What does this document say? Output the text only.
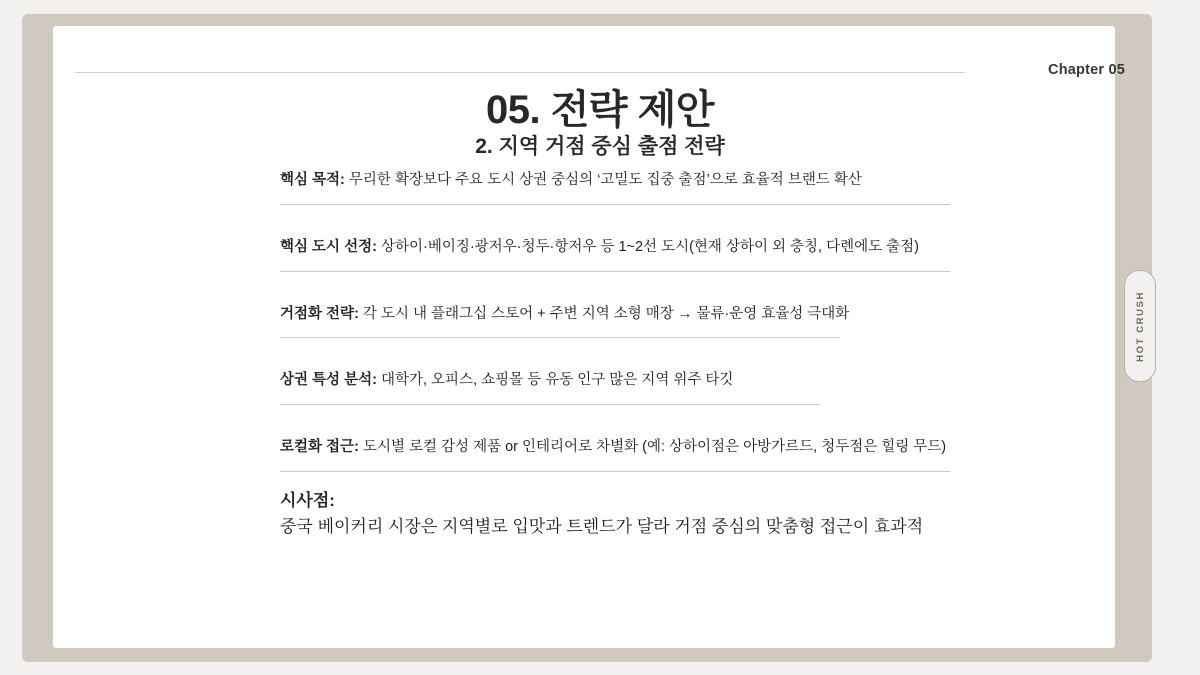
HOT CRUSH
Chapter 05
05. 전략 제안
2. 지역 거점 중심 출점 전략
핵심 목적: 무리한 확장보다 주요 도시 상권 중심의 ‘고밀도 집중 출점’으로 효율적 브랜드 확산
핵심 도시 선정: 상하이·베이징·광저우·청두·항저우 등 1~2선 도시(현재 상하이 외 충칭, 다롄에도 출점)
거점화 전략: 각 도시 내 플래그십 스토어 + 주변 지역 소형 매장 → 물류·운영 효율성 극대화
상권 특성 분석: 대학가, 오피스, 쇼핑몰 등 유동 인구 많은 지역 위주 타깃
로컬화 접근: 도시별 로컬 감성 제품 or 인테리어로 차별화 (예: 상하이점은 아방가르드, 청두점은 힐링 무드)
시사점:
중국 베이커리 시장은 지역별로 입맛과 트렌드가 달라 거점 중심의 맞춤형 접근이 효과적
